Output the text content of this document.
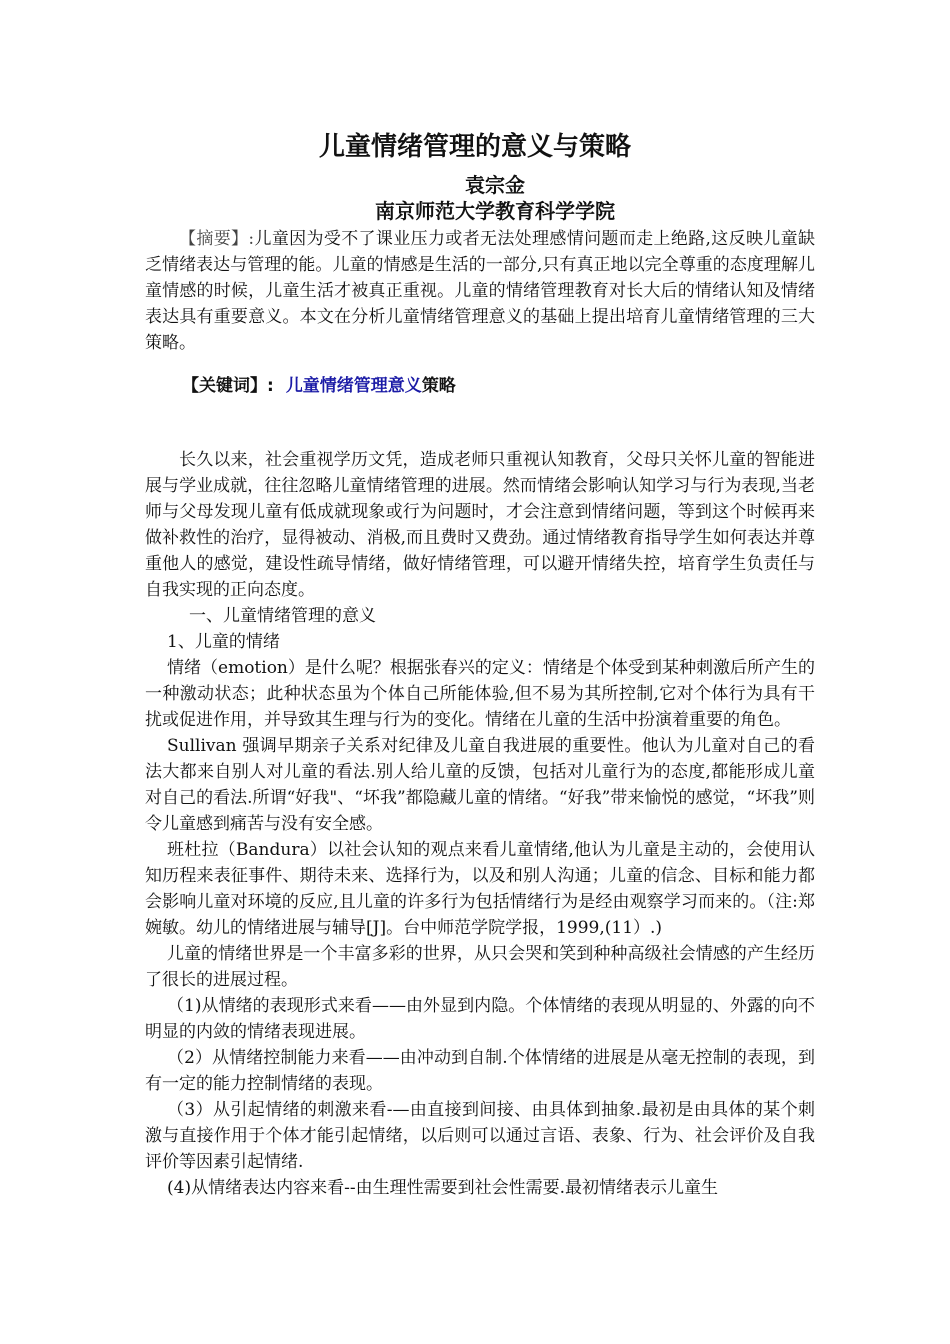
儿童情绪管理的意义与策略
袁宗金
南京师范大学教育科学学院

【摘要】:儿童因为受不了课业压力或者无法处理感情问题而走上绝路,这反映儿童缺乏情绪表达与管理的能。儿童的情感是生活的一部分,只有真正地以完全尊重的态度理解儿童情感的时候，儿童生活才被真正重视。儿童的情绪管理教育对长大后的情绪认知及情绪表达具有重要意义。本文在分析儿童情绪管理意义的基础上提出培育儿童情绪管理的三大策略。

【关键词】: 儿童情绪管理意义策略

长久以来，社会重视学历文凭，造成老师只重视认知教育，父母只关怀儿童的智能进展与学业成就，往往忽略儿童情绪管理的进展。然而情绪会影响认知学习与行为表现,当老师与父母发现儿童有低成就现象或行为问题时，才会注意到情绪问题，等到这个时候再来做补救性的治疗，显得被动、消极,而且费时又费劲。通过情绪教育指导学生如何表达并尊重他人的感觉，建设性疏导情绪，做好情绪管理，可以避开情绪失控，培育学生负责任与自我实现的正向态度。

一、儿童情绪管理的意义

1、儿童的情绪

情绪（emotion）是什么呢？根据张春兴的定义：情绪是个体受到某种刺激后所产生的一种激动状态；此种状态虽为个体自己所能体验,但不易为其所控制,它对个体行为具有干扰或促进作用，并导致其生理与行为的变化。情绪在儿童的生活中扮演着重要的角色。

Sullivan 强调早期亲子关系对纪律及儿童自我进展的重要性。他认为儿童对自己的看法大都来自别人对儿童的看法.别人给儿童的反馈，包括对儿童行为的态度,都能形成儿童对自己的看法.所谓“好我"、“坏我”都隐藏儿童的情绪。“好我”带来愉悦的感觉，“坏我”则令儿童感到痛苦与没有安全感。

班杜拉（Bandura）以社会认知的观点来看儿童情绪,他认为儿童是主动的，会使用认知历程来表征事件、期待未来、选择行为，以及和别人沟通；儿童的信念、目标和能力都会影响儿童对环境的反应,且儿童的许多行为包括情绪行为是经由观察学习而来的。（注:郑婉敏。幼儿的情绪进展与辅导[J]。台中师范学院学报，1999,(11）.)

儿童的情绪世界是一个丰富多彩的世界，从只会哭和笑到种种高级社会情感的产生经历了很长的进展过程。

（1)从情绪的表现形式来看——由外显到内隐。个体情绪的表现从明显的、外露的向不明显的内敛的情绪表现进展。

（2）从情绪控制能力来看——由冲动到自制.个体情绪的进展是从毫无控制的表现，到有一定的能力控制情绪的表现。

（3）从引起情绪的刺激来看-—由直接到间接、由具体到抽象.最初是由具体的某个刺激与直接作用于个体才能引起情绪，以后则可以通过言语、表象、行为、社会评价及自我评价等因素引起情绪.

(4)从情绪表达内容来看--由生理性需要到社会性需要.最初情绪表示儿童生
